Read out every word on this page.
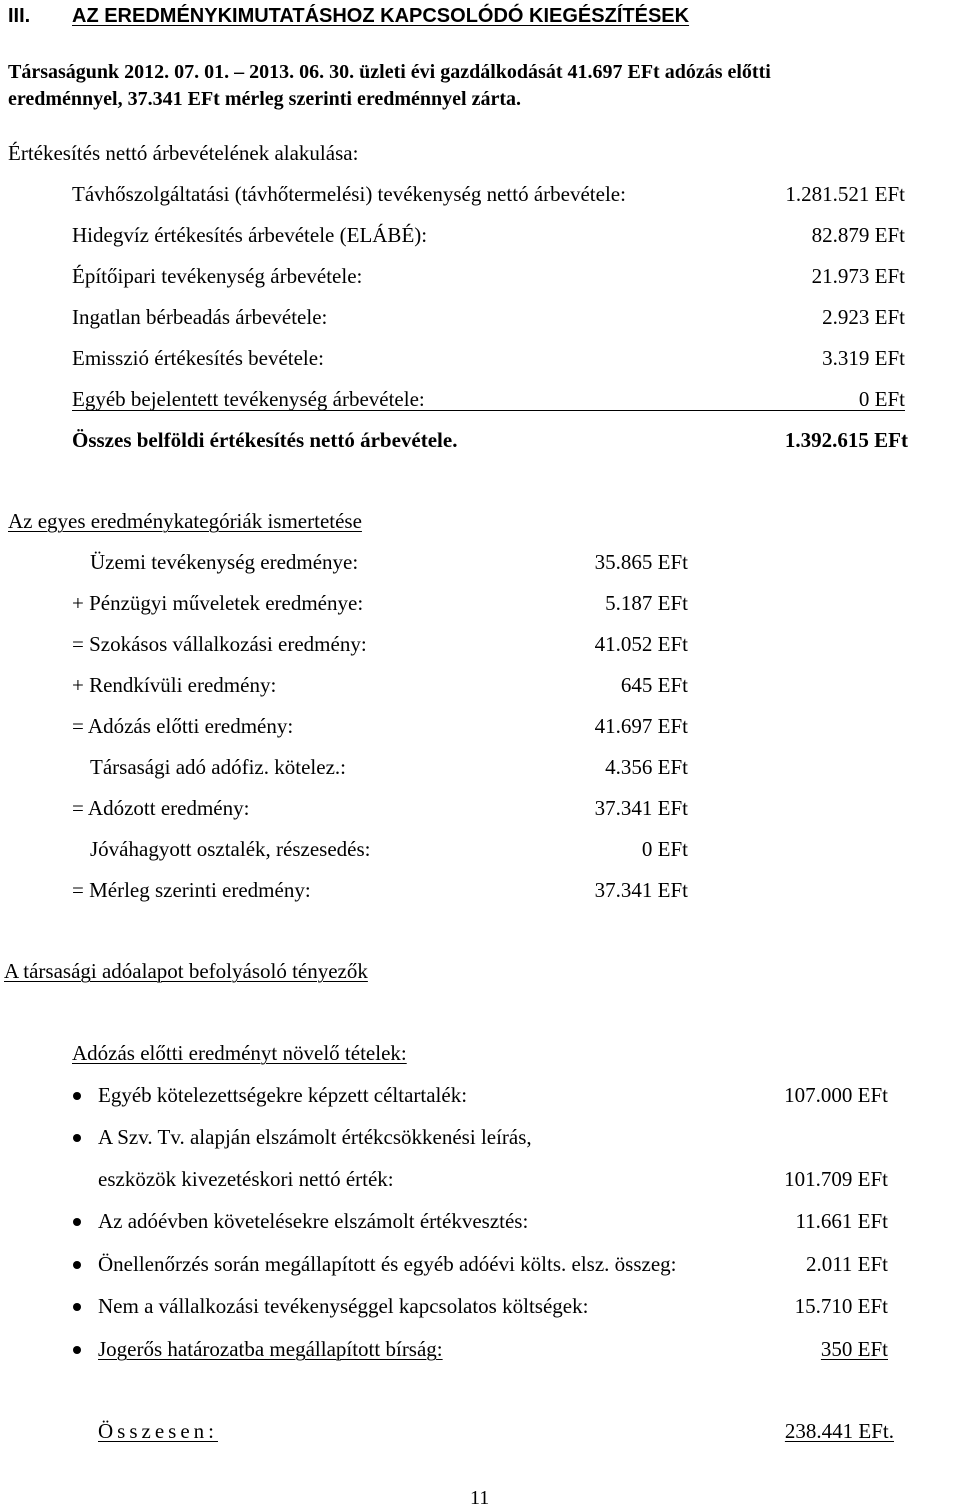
III. AZ EREDMÉNYKIMUTATÁSHOZ KAPCSOLÓDÓ KIEGÉSZÍTÉSEK
Társaságunk 2012. 07. 01. – 2013. 06. 30. üzleti évi gazdálkodását 41.697 EFt adózás előtti
eredménnyel, 37.341 EFt mérleg szerinti eredménnyel zárta.
Értékesítés nettó árbevételének alakulása:
Távhőszolgáltatási (távhőtermelési) tevékenység nettó árbevétele:	1.281.521 EFt
Hidegvíz értékesítés árbevétele (ELÁBÉ):	82.879 EFt
Építőipari tevékenység árbevétele:	21.973 EFt
Ingatlan bérbeadás árbevétele:	2.923 EFt
Emisszió értékesítés bevétele:	3.319 EFt
Egyéb bejelentett tevékenység árbevétele:	0 EFt
Összes belföldi értékesítés nettó árbevétele.	1.392.615 EFt
Az egyes eredménykategóriák ismertetése
Üzemi tevékenység eredménye:	35.865 EFt
+ Pénzügyi műveletek eredménye:	5.187 EFt
= Szokásos vállalkozási eredmény:	41.052 EFt
+ Rendkívüli eredmény:	645 EFt
= Adózás előtti eredmény:	41.697 EFt
Társasági adó adófiz. kötelez.:	4.356 EFt
= Adózott eredmény:	37.341 EFt
Jóváhagyott osztalék, részesedés:	0 EFt
= Mérleg szerinti eredmény:	37.341 EFt
A társasági adóalapot befolyásoló tényezők
Adózás előtti eredményt növelő tételek:
Egyéb kötelezettségekre képzett céltartalék:	107.000 EFt
A Szv. Tv. alapján elszámolt értékcsökkenési leírás,
eszközök kivezetéskori nettó érték:	101.709 EFt
Az adóévben követelésekre elszámolt értékvesztés:	11.661 EFt
Önellenőrzés során megállapított és egyéb adóévi költs. elsz. összeg:	2.011 EFt
Nem a vállalkozási tevékenységgel kapcsolatos költségek:	15.710 EFt
Jogerős határozatba megállapított bírság:	350 EFt
Összesen:	238.441 EFt.
11
